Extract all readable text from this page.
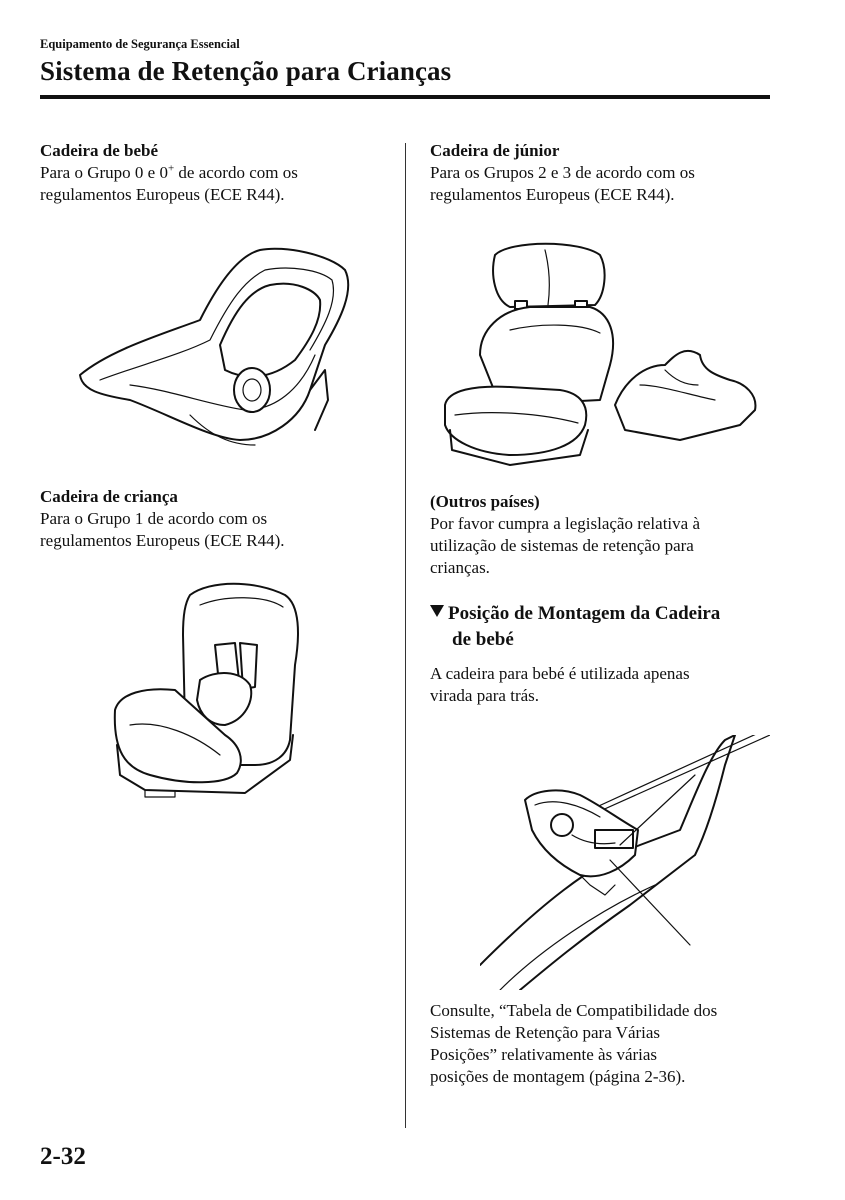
Equipamento de Segurança Essencial
Sistema de Retenção para Crianças
Cadeira de bebé
Para o Grupo 0 e 0+ de acordo com os
regulamentos Europeus (ECE R44).
Cadeira de criança
Para o Grupo 1 de acordo com os
regulamentos Europeus (ECE R44).
Cadeira de júnior
Para os Grupos 2 e 3 de acordo com os
regulamentos Europeus (ECE R44).
(Outros países)
Por favor cumpra a legislação relativa à
utilização de sistemas de retenção para
crianças.
Posição de Montagem da Cadeira
de bebé
A cadeira para bebé é utilizada apenas
virada para trás.
Consulte, “Tabela de Compatibilidade dos
Sistemas de Retenção para Várias
Posições” relativamente às várias
posições de montagem (página 2-36).
2-32
